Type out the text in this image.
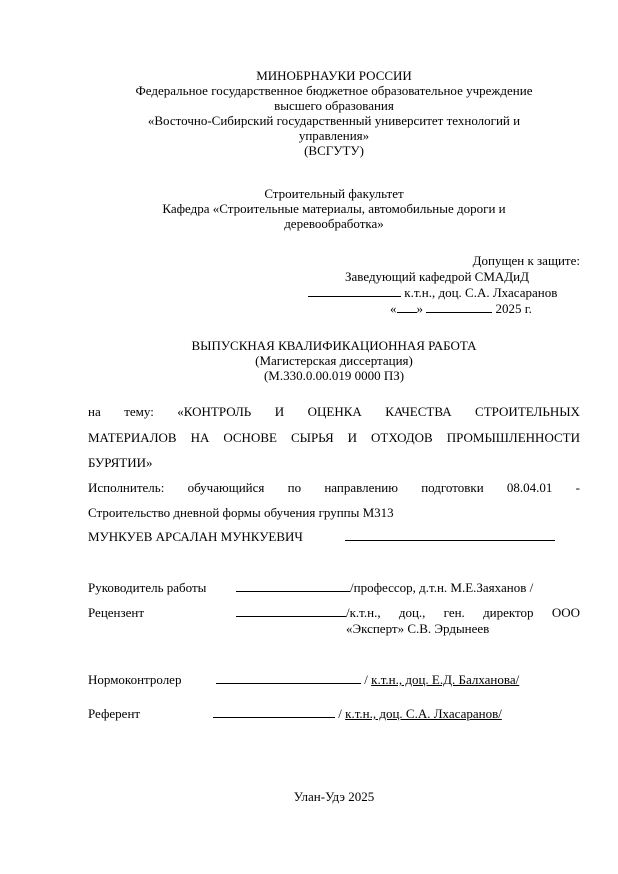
МИНОБРНАУКИ РОССИИ
Федеральное государственное бюджетное образовательное учреждение
высшего образования
«Восточно-Сибирский государственный университет технологий и
управления»
(ВСГУТУ)
Строительный факультет
Кафедра «Строительные материалы, автомобильные дороги и
деревообработка»
Допущен к защите:
Заведующий кафедрой СМАДиД
к.т.н., доц. С.А. Лхасаранов
« »	2025 г.
ВЫПУСКНАЯ КВАЛИФИКАЦИОННАЯ РАБОТА
(Магистерская диссертация)
(М.330.0.00.019 0000 ПЗ)
на тему: «КОНТРОЛЬ И ОЦЕНКА КАЧЕСТВА СТРОИТЕЛЬНЫХ
МАТЕРИАЛОВ НА ОСНОВЕ СЫРЬЯ И ОТХОДОВ ПРОМЫШЛЕННОСТИ
БУРЯТИИ»
Исполнитель: обучающийся по направлению подготовки 08.04.01 -
Строительство дневной формы обучения группы М313
МУНКУЕВ АРСАЛАН МУНКУЕВИЧ
Руководитель работы	/профессор, д.т.н. М.Е.Заяханов /
Рецензент	/к.т.н., доц., ген. директор ООО
«Эксперт» С.В. Эрдынеев
Нормоконтролер	/ к.т.н., доц. Е.Д. Балханова/
Референт	/ к.т.н., доц. С.А. Лхасаранов/
Улан-Удэ 2025
